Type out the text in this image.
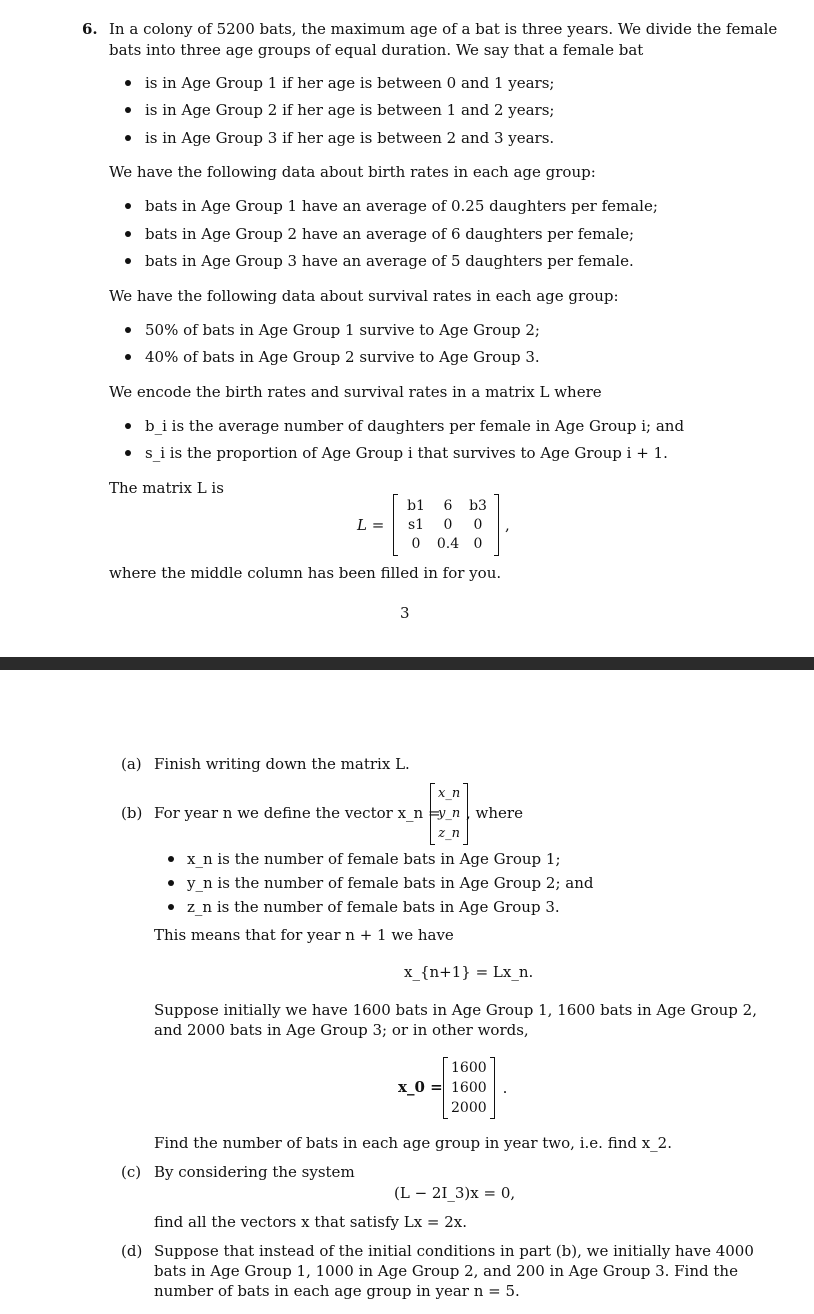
6. In a colony of 5200 bats, the maximum age of a bat is three years. We divide the female
bats into three age groups of equal duration. We say that a female bat
is in Age Group 1 if her age is between 0 and 1 years;
is in Age Group 2 if her age is between 1 and 2 years;
is in Age Group 3 if her age is between 2 and 3 years.
We have the following data about birth rates in each age group:
bats in Age Group 1 have an average of 0.25 daughters per female;
bats in Age Group 2 have an average of 6 daughters per female;
bats in Age Group 3 have an average of 5 daughters per female.
We have the following data about survival rates in each age group:
50% of bats in Age Group 1 survive to Age Group 2;
40% of bats in Age Group 2 survive to Age Group 3.
We encode the birth rates and survival rates in a matrix L where
b_i is the average number of daughters per female in Age Group i; and
s_i is the proportion of Age Group i that survives to Age Group i + 1.
The matrix L is
L =
b1	6	b3
s1	0	0
0	0.4	0
,
where the middle column has been filled in for you.
3
(a) Finish writing down the matrix L.
(b) For year n we define the vector x_n =
x_n
y_n
z_n
, where
x_n is the number of female bats in Age Group 1;
y_n is the number of female bats in Age Group 2; and
z_n is the number of female bats in Age Group 3.
This means that for year n + 1 we have
x_{n+1} = Lx_n.
Suppose initially we have 1600 bats in Age Group 1, 1600 bats in Age Group 2,
and 2000 bats in Age Group 3; or in other words,
x_0 =
1600
1600
2000
.
Find the number of bats in each age group in year two, i.e. find x_2.
(c) By considering the system
(L − 2I_3)x = 0,
find all the vectors x that satisfy Lx = 2x.
(d) Suppose that instead of the initial conditions in part (b), we initially have 4000
bats in Age Group 1, 1000 in Age Group 2, and 200 in Age Group 3. Find the
number of bats in each age group in year n = 5.
